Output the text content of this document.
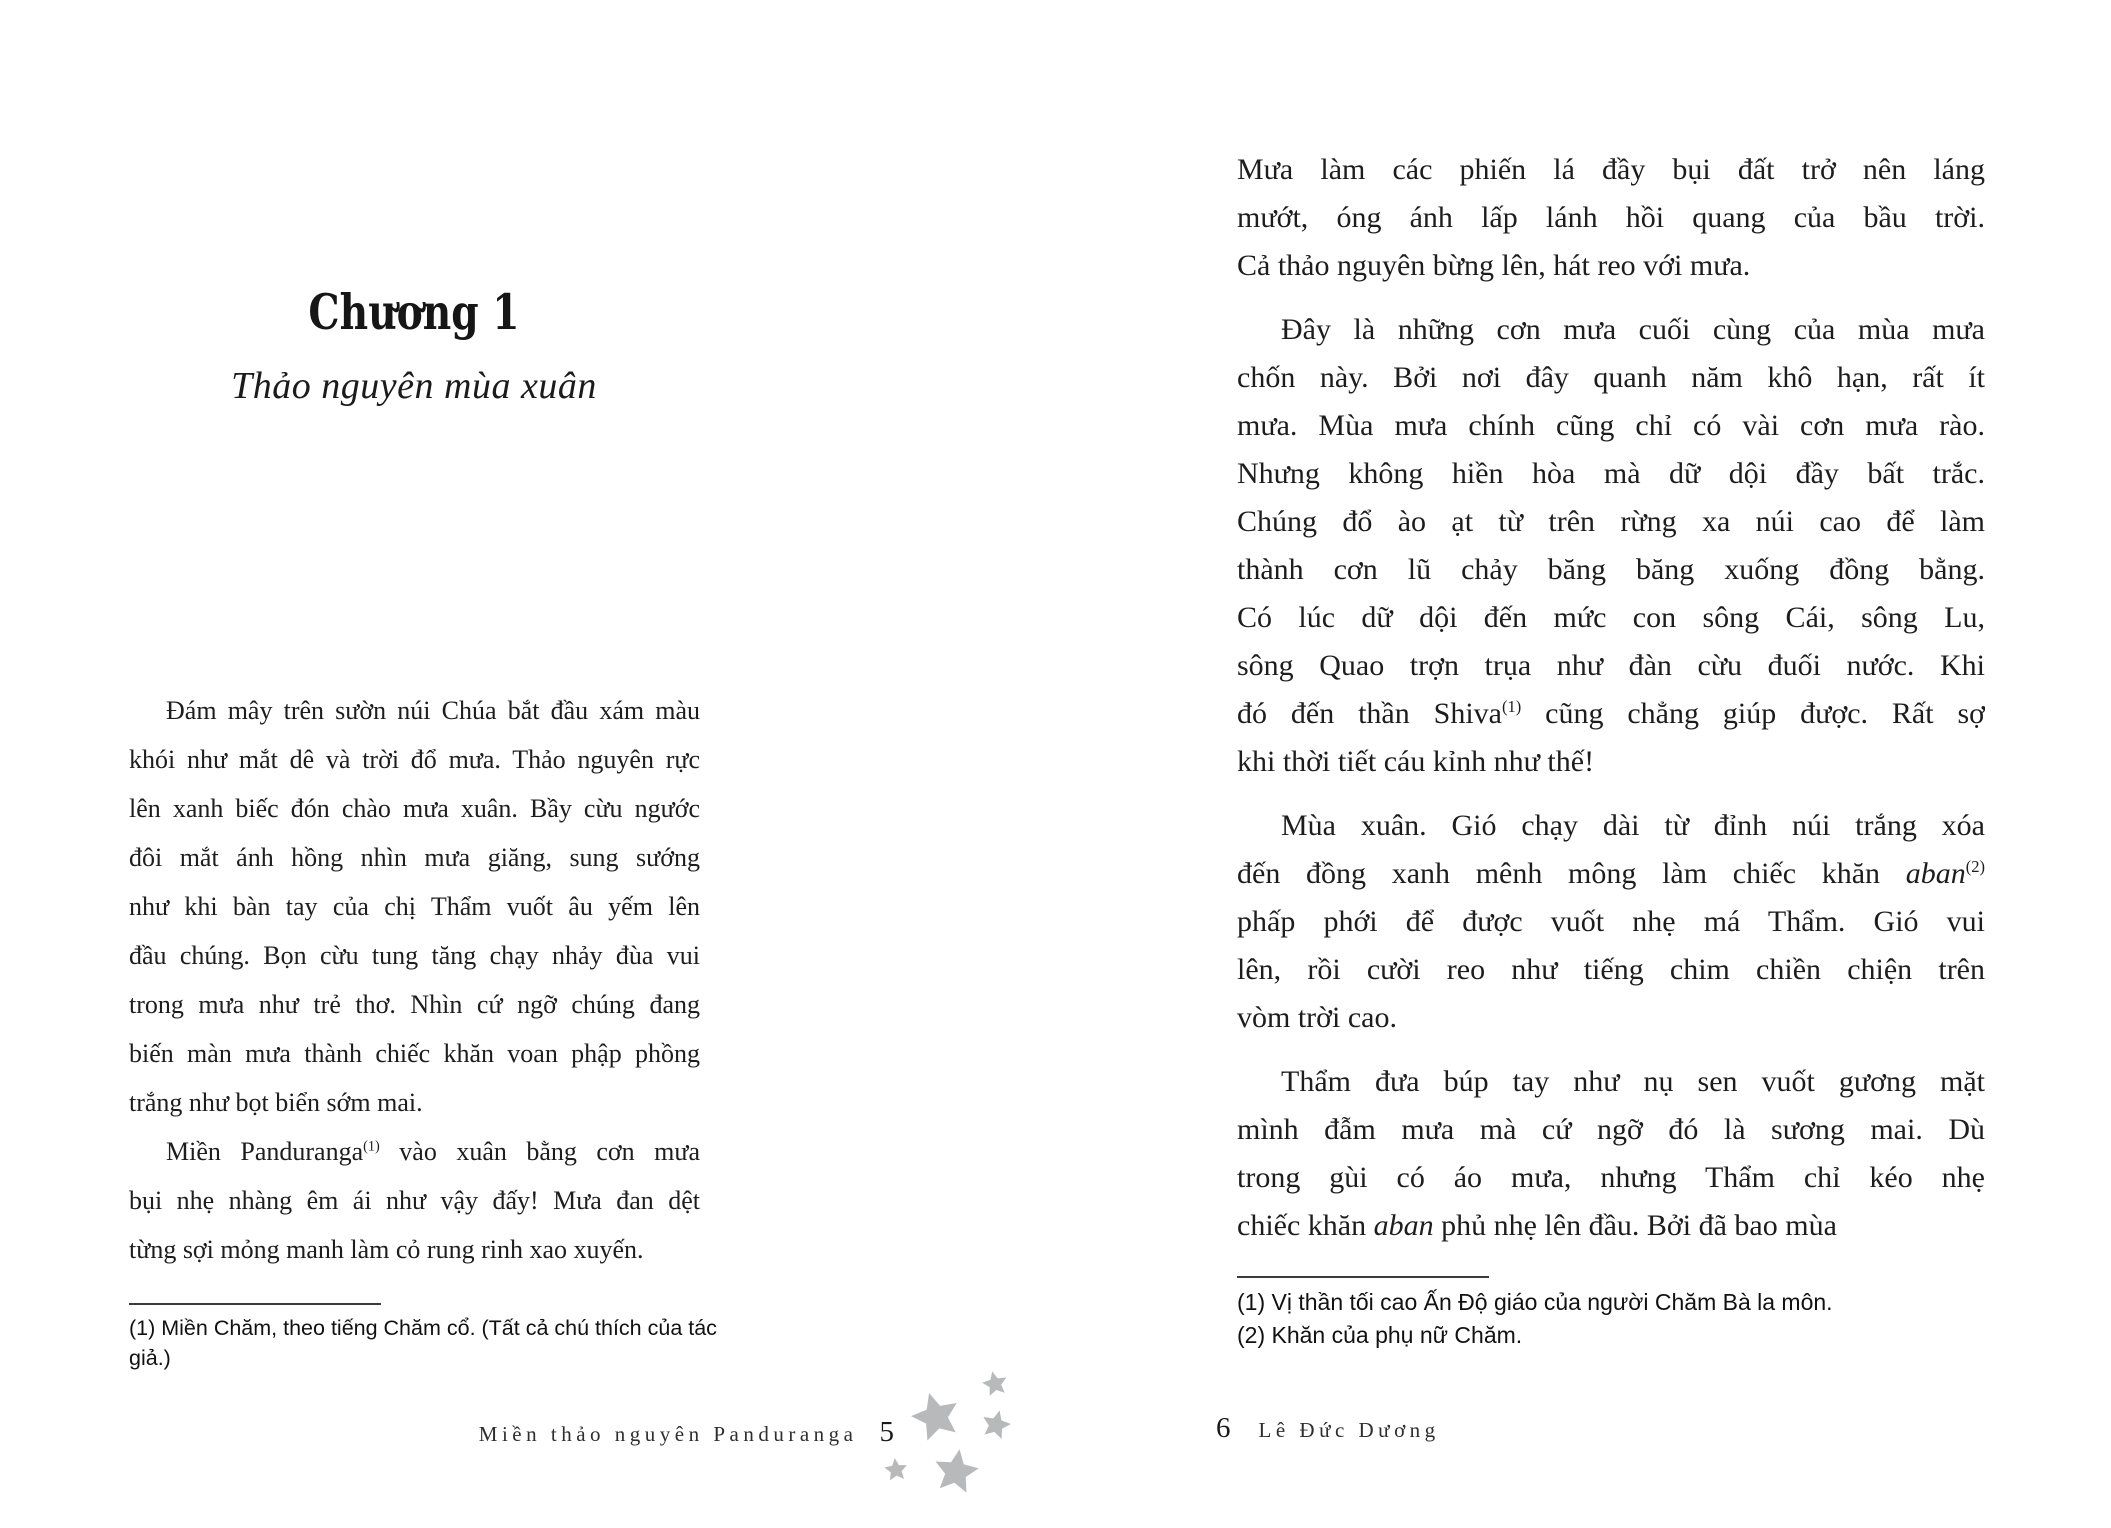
Chương 1
Thảo nguyên mùa xuân
Đám mây trên sườn núi Chúa bắt đầu xám màu
khói như mắt dê và trời đổ mưa. Thảo nguyên rực
lên xanh biếc đón chào mưa xuân. Bầy cừu ngước
đôi mắt ánh hồng nhìn mưa giăng, sung sướng
như khi bàn tay của chị Thẩm vuốt âu yếm lên
đầu chúng. Bọn cừu tung tăng chạy nhảy đùa vui
trong mưa như trẻ thơ. Nhìn cứ ngỡ chúng đang
biến màn mưa thành chiếc khăn voan phập phồng
trắng như bọt biển sớm mai.
Miền Panduranga$^{(1)}$ vào xuân bằng cơn mưa
bụi nhẹ nhàng êm ái như vậy đấy! Mưa đan dệt
từng sợi mỏng manh làm cỏ rung rinh xao xuyến.
(1) Miền Chăm, theo tiếng Chăm cổ. (Tất cả chú thích của tác giả.)
Miền thảo nguyên Panduranga 5
Mưa làm các phiến lá đầy bụi đất trở nên láng
mướt, óng ánh lấp lánh hồi quang của bầu trời.
Cả thảo nguyên bừng lên, hát reo với mưa.
Đây là những cơn mưa cuối cùng của mùa mưa
chốn này. Bởi nơi đây quanh năm khô hạn, rất ít
mưa. Mùa mưa chính cũng chỉ có vài cơn mưa rào.
Nhưng không hiền hòa mà dữ dội đầy bất trắc.
Chúng đổ ào ạt từ trên rừng xa núi cao để làm
thành cơn lũ chảy băng băng xuống đồng bằng.
Có lúc dữ dội đến mức con sông Cái, sông Lu,
sông Quao trợn trụa như đàn cừu đuối nước. Khi
đó đến thần Shiva$^{(1)}$ cũng chẳng giúp được. Rất sợ
khi thời tiết cáu kỉnh như thế!
Mùa xuân. Gió chạy dài từ đỉnh núi trắng xóa
đến đồng xanh mênh mông làm chiếc khăn aban$^{(2)}$
phấp phới để được vuốt nhẹ má Thẩm. Gió vui
lên, rồi cười reo như tiếng chim chiền chiện trên
vòm trời cao.
Thẩm đưa búp tay như nụ sen vuốt gương mặt
mình đẫm mưa mà cứ ngỡ đó là sương mai. Dù
trong gùi có áo mưa, nhưng Thẩm chỉ kéo nhẹ
chiếc khăn aban phủ nhẹ lên đầu. Bởi đã bao mùa
(1) Vị thần tối cao Ấn Độ giáo của người Chăm Bà la môn.
(2) Khăn của phụ nữ Chăm.
6 Lê Đức Dương
